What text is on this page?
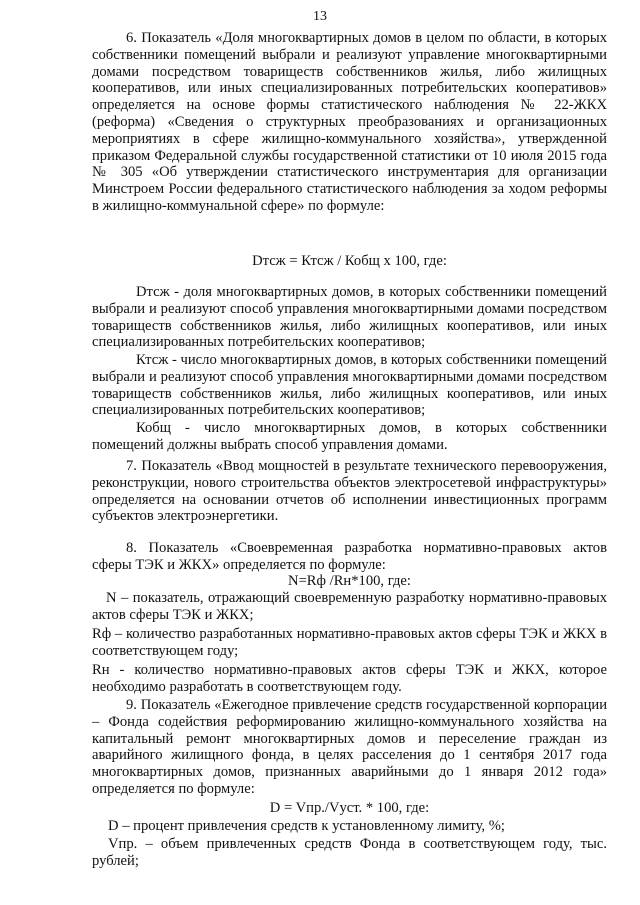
13

6. Показатель «Доля многоквартирных домов в целом по области, в которых собственники помещений выбрали и реализуют управление многоквартирными домами посредством товариществ собственников жилья, либо жилищных кооперативов, или иных специализированных потребительских кооперативов» определяется на основе формы статистического наблюдения № 22-ЖКХ (реформа) «Сведения о структурных преобразованиях и организационных мероприятиях в сфере жилищно-коммунального хозяйства», утвержденной приказом Федеральной службы государственной статистики от 10 июля 2015 года № 305 «Об утверждении статистического инструментария для организации Минстроем России федерального статистического наблюдения за ходом реформы в жилищно-коммунальной сфере» по формуле:

Dтсж = Ктсж / Кобщ х 100, где:

Dтсж - доля многоквартирных домов, в которых собственники помещений выбрали и реализуют способ управления многоквартирными домами посредством товариществ собственников жилья, либо жилищных кооперативов, или иных специализированных потребительских кооперативов;

Ктсж - число многоквартирных домов, в которых собственники помещений выбрали и реализуют способ управления многоквартирными домами посредством товариществ собственников жилья, либо жилищных кооперативов, или иных специализированных потребительских кооперативов;

Кобщ - число многоквартирных домов, в которых собственники помещений должны выбрать способ управления домами.

7. Показатель «Ввод мощностей в результате технического перевооружения, реконструкции, нового строительства объектов электросетевой инфраструктуры» определяется на основании отчетов об исполнении инвестиционных программ субъектов электроэнергетики.

8. Показатель «Своевременная разработка нормативно-правовых актов сферы ТЭК и ЖКХ» определяется по формуле:

N=Rф /Rн*100, где:

N – показатель, отражающий своевременную разработку нормативно-правовых актов сферы ТЭК и ЖКХ;

Rф – количество разработанных нормативно-правовых актов сферы ТЭК и ЖКХ в соответствующем году;

Rн - количество нормативно-правовых актов сферы ТЭК и ЖКХ, которое необходимо разработать в соответствующем году.

9. Показатель «Ежегодное привлечение средств государственной корпорации – Фонда содействия реформированию жилищно-коммунального хозяйства на капитальный ремонт многоквартирных домов и переселение граждан из аварийного жилищного фонда, в целях расселения до 1 сентября 2017 года многоквартирных домов, признанных аварийными до 1 января 2012 года» определяется по формуле:

D = Vпр./Vуст. * 100, где:

D – процент привлечения средств к установленному лимиту, %;

Vпр. – объем привлеченных средств Фонда в соответствующем году, тыс. рублей;
